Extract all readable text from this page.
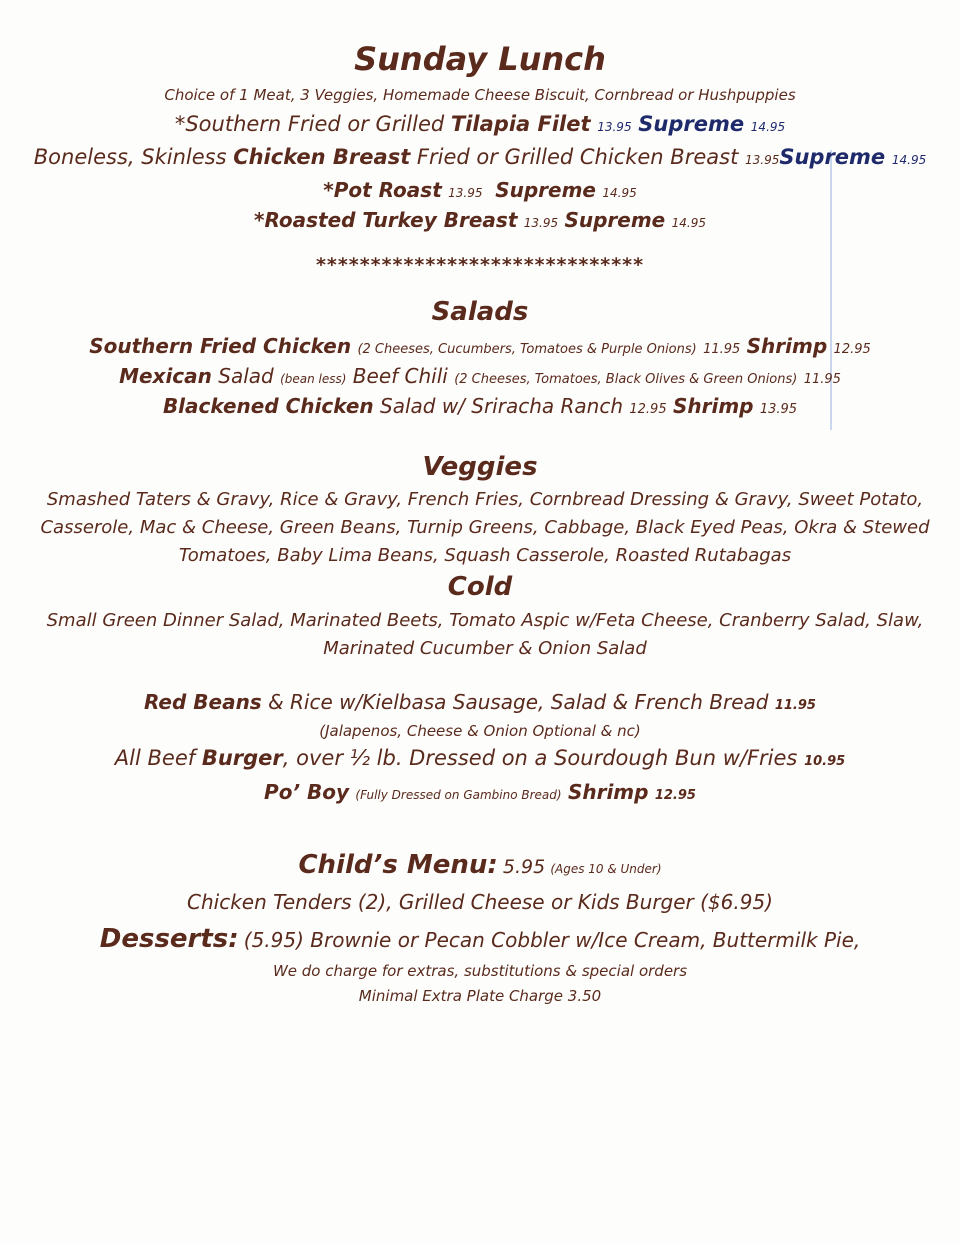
Sunday Lunch
Choice of 1 Meat, 3 Veggies, Homemade Cheese Biscuit, Cornbread or Hushpuppies
*Southern Fried or Grilled Tilapia Filet 13.95 Supreme 14.95
Boneless, Skinless Chicken Breast Fried or Grilled Chicken Breast 13.95Supreme 14.95
*Pot Roast 13.95 Supreme 14.95
*Roasted Turkey Breast 13.95 Supreme 14.95
******************************
Salads
Southern Fried Chicken (2 Cheeses, Cucumbers, Tomatoes & Purple Onions) 11.95 Shrimp 12.95
Mexican Salad (bean less) Beef Chili (2 Cheeses, Tomatoes, Black Olives & Green Onions) 11.95
Blackened Chicken Salad w/ Sriracha Ranch 12.95 Shrimp 13.95
Veggies
Smashed Taters & Gravy, Rice & Gravy, French Fries, Cornbread Dressing & Gravy, Sweet Potato,
Casserole, Mac & Cheese, Green Beans, Turnip Greens, Cabbage, Black Eyed Peas, Okra & Stewed
Tomatoes, Baby Lima Beans, Squash Casserole, Roasted Rutabagas
Cold
Small Green Dinner Salad, Marinated Beets, Tomato Aspic w/Feta Cheese, Cranberry Salad, Slaw,
Marinated Cucumber & Onion Salad
Red Beans & Rice w/Kielbasa Sausage, Salad & French Bread 11.95
(Jalapenos, Cheese & Onion Optional & nc)
All Beef Burger, over ½ lb. Dressed on a Sourdough Bun w/Fries 10.95
Po’ Boy (Fully Dressed on Gambino Bread) Shrimp 12.95
Child’s Menu: 5.95 (Ages 10 & Under)
Chicken Tenders (2), Grilled Cheese or Kids Burger ($6.95)
Desserts: (5.95) Brownie or Pecan Cobbler w/Ice Cream, Buttermilk Pie,
We do charge for extras, substitutions & special orders
Minimal Extra Plate Charge 3.50
